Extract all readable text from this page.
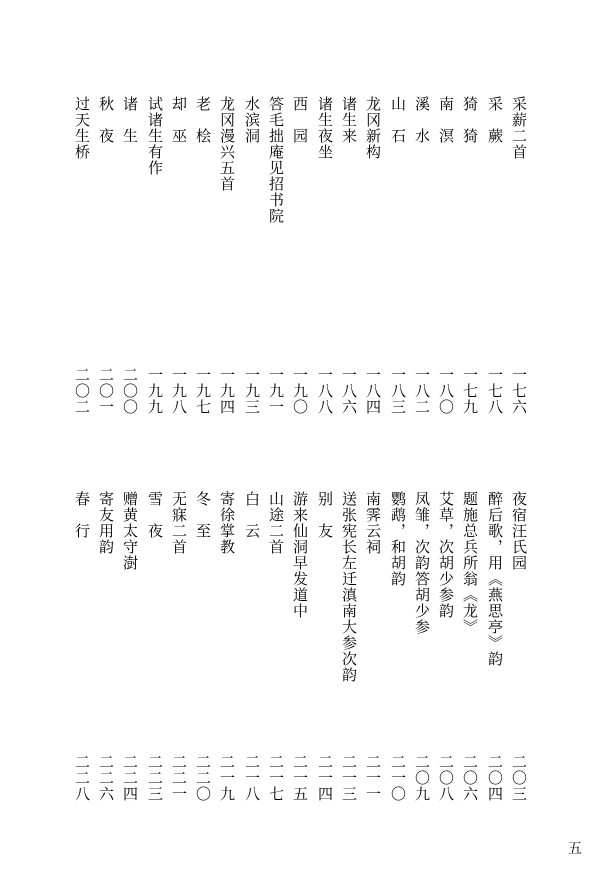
采薪二首
一七六
采　蕨
一七八
猗　猗
一七九
南　溟
一八〇
溪　水
一八二
山　石
一八三
龙冈新构
一八四
诸生来
一八六
诸生夜坐
一八八
西　园
一九〇
答毛拙庵见招书院
一九一
水滨洞
一九三
龙冈漫兴五首
一九四
老　桧
一九七
却　巫
一九八
试诸生有作
一九九
诸　生
二〇〇
秋　夜
二〇一
过天生桥
二〇二
夜宿汪氏园
二〇三
醉后歌，用《燕思亭》韵
二〇四
题施总兵所翁《龙》
二〇六
艾草，次胡少参韵
二〇八
凤雏，次韵答胡少参
二〇九
鹦鹉，和胡韵
二一〇
南霁云祠
二一一
送张宪长左迁滇南大参次韵
二一三
别　友
二一四
游来仙洞早发道中
二一五
山途二首
二一七
白　云
二一八
寄徐掌教
二一九
冬　至
二二〇
无寐二首
二二一
雪　夜
二二三
赠黄太守澍
二二四
寄友用韵
二二六
春　行
二二八
五
